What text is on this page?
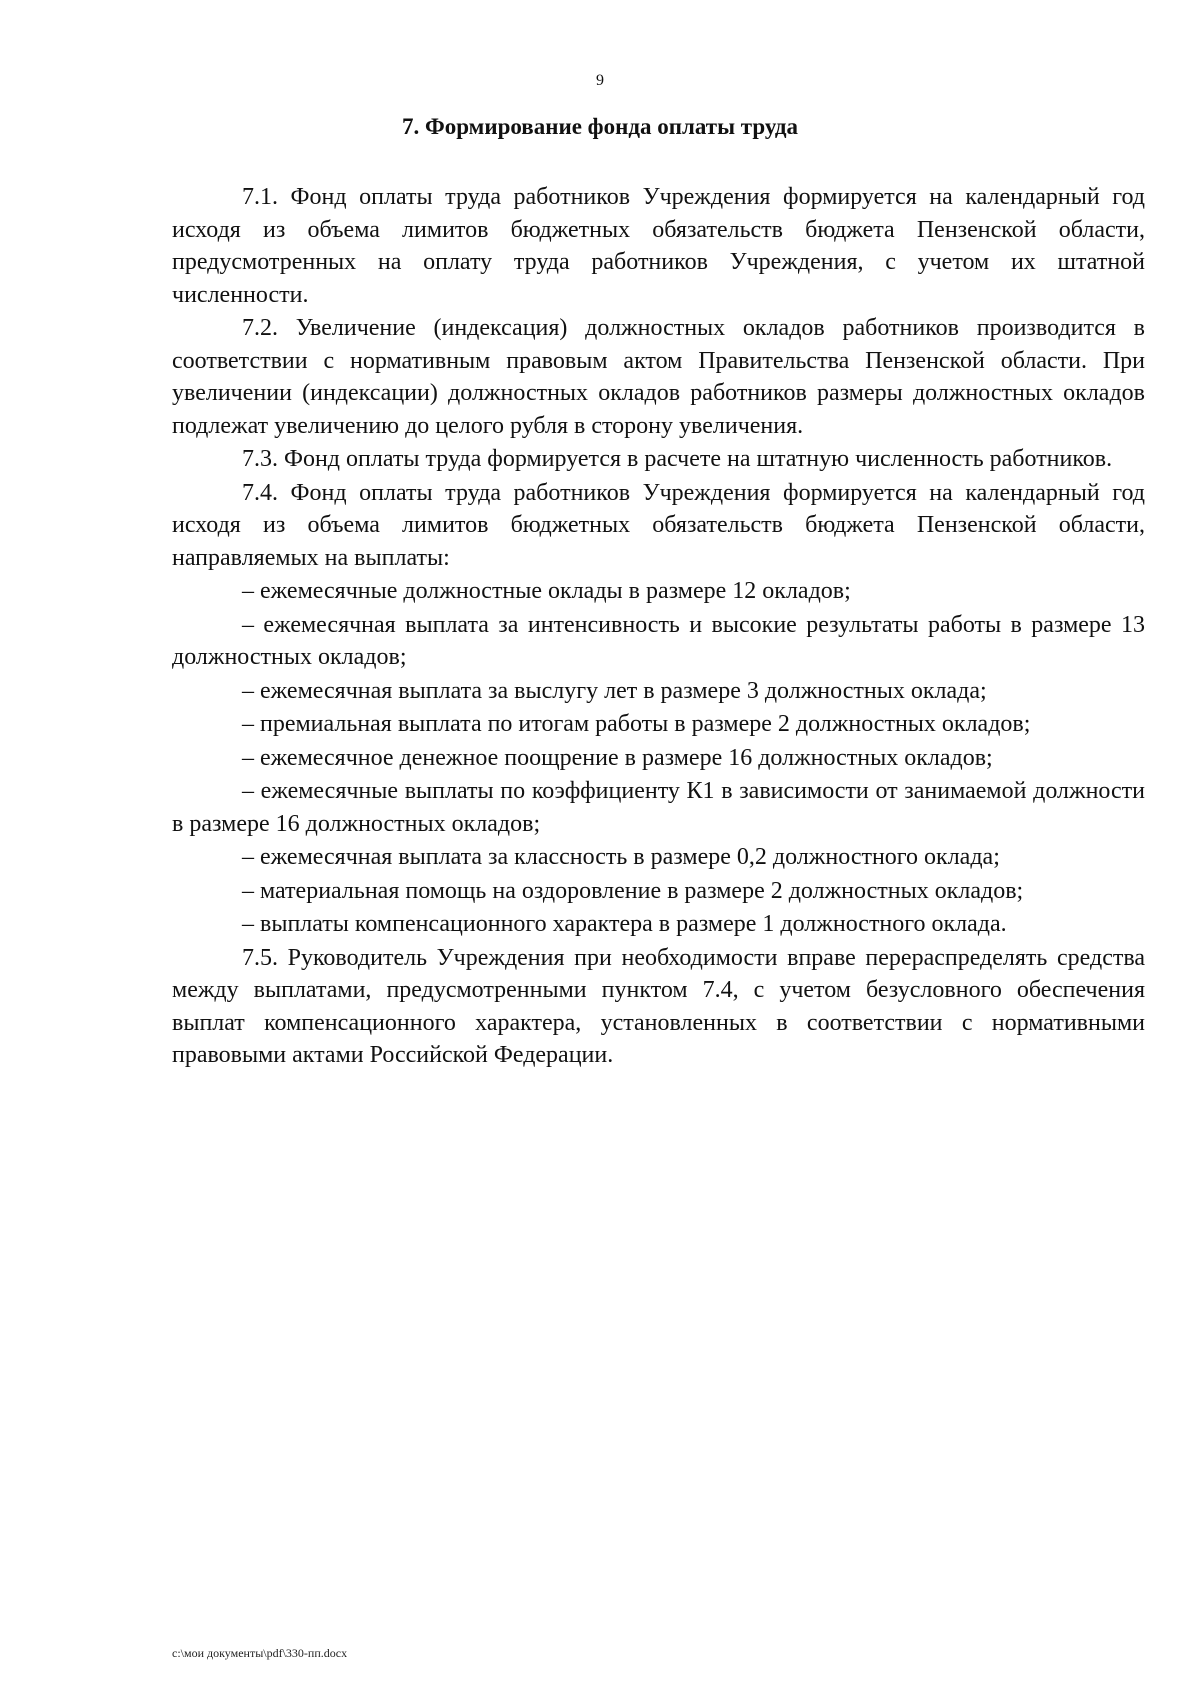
9
7. Формирование фонда оплаты труда

7.1. Фонд оплаты труда работников Учреждения формируется на календарный год исходя из объема лимитов бюджетных обязательств бюджета Пензенской области, предусмотренных на оплату труда работников Учреждения, с учетом их штатной численности.

7.2. Увеличение (индексация) должностных окладов работников производится в соответствии с нормативным правовым актом Правительства Пензенской области. При увеличении (индексации) должностных окладов работников размеры должностных окладов подлежат увеличению до целого рубля в сторону увеличения.

7.3. Фонд оплаты труда формируется в расчете на штатную численность работников.

7.4. Фонд оплаты труда работников Учреждения формируется на календарный год исходя из объема лимитов бюджетных обязательств бюджета Пензенской области, направляемых на выплаты:

– ежемесячные должностные оклады в размере 12 окладов;

– ежемесячная выплата за интенсивность и высокие результаты работы в размере 13 должностных окладов;

– ежемесячная выплата за выслугу лет в размере 3 должностных оклада;

– премиальная выплата по итогам работы в размере 2 должностных окладов;

– ежемесячное денежное поощрение в размере 16 должностных окладов;

– ежемесячные выплаты по коэффициенту К1 в зависимости от занимаемой должности в размере 16 должностных окладов;

– ежемесячная выплата за классность в размере 0,2 должностного оклада;

– материальная помощь на оздоровление в размере 2 должностных окладов;

– выплаты компенсационного характера в размере 1 должностного оклада.

7.5. Руководитель Учреждения при необходимости вправе перераспределять средства между выплатами, предусмотренными пунктом 7.4, с учетом безусловного обеспечения выплат компенсационного характера, установленных в соответствии с нормативными правовыми актами Российской Федерации.

c:\мои документы\pdf\330-пп.docx
